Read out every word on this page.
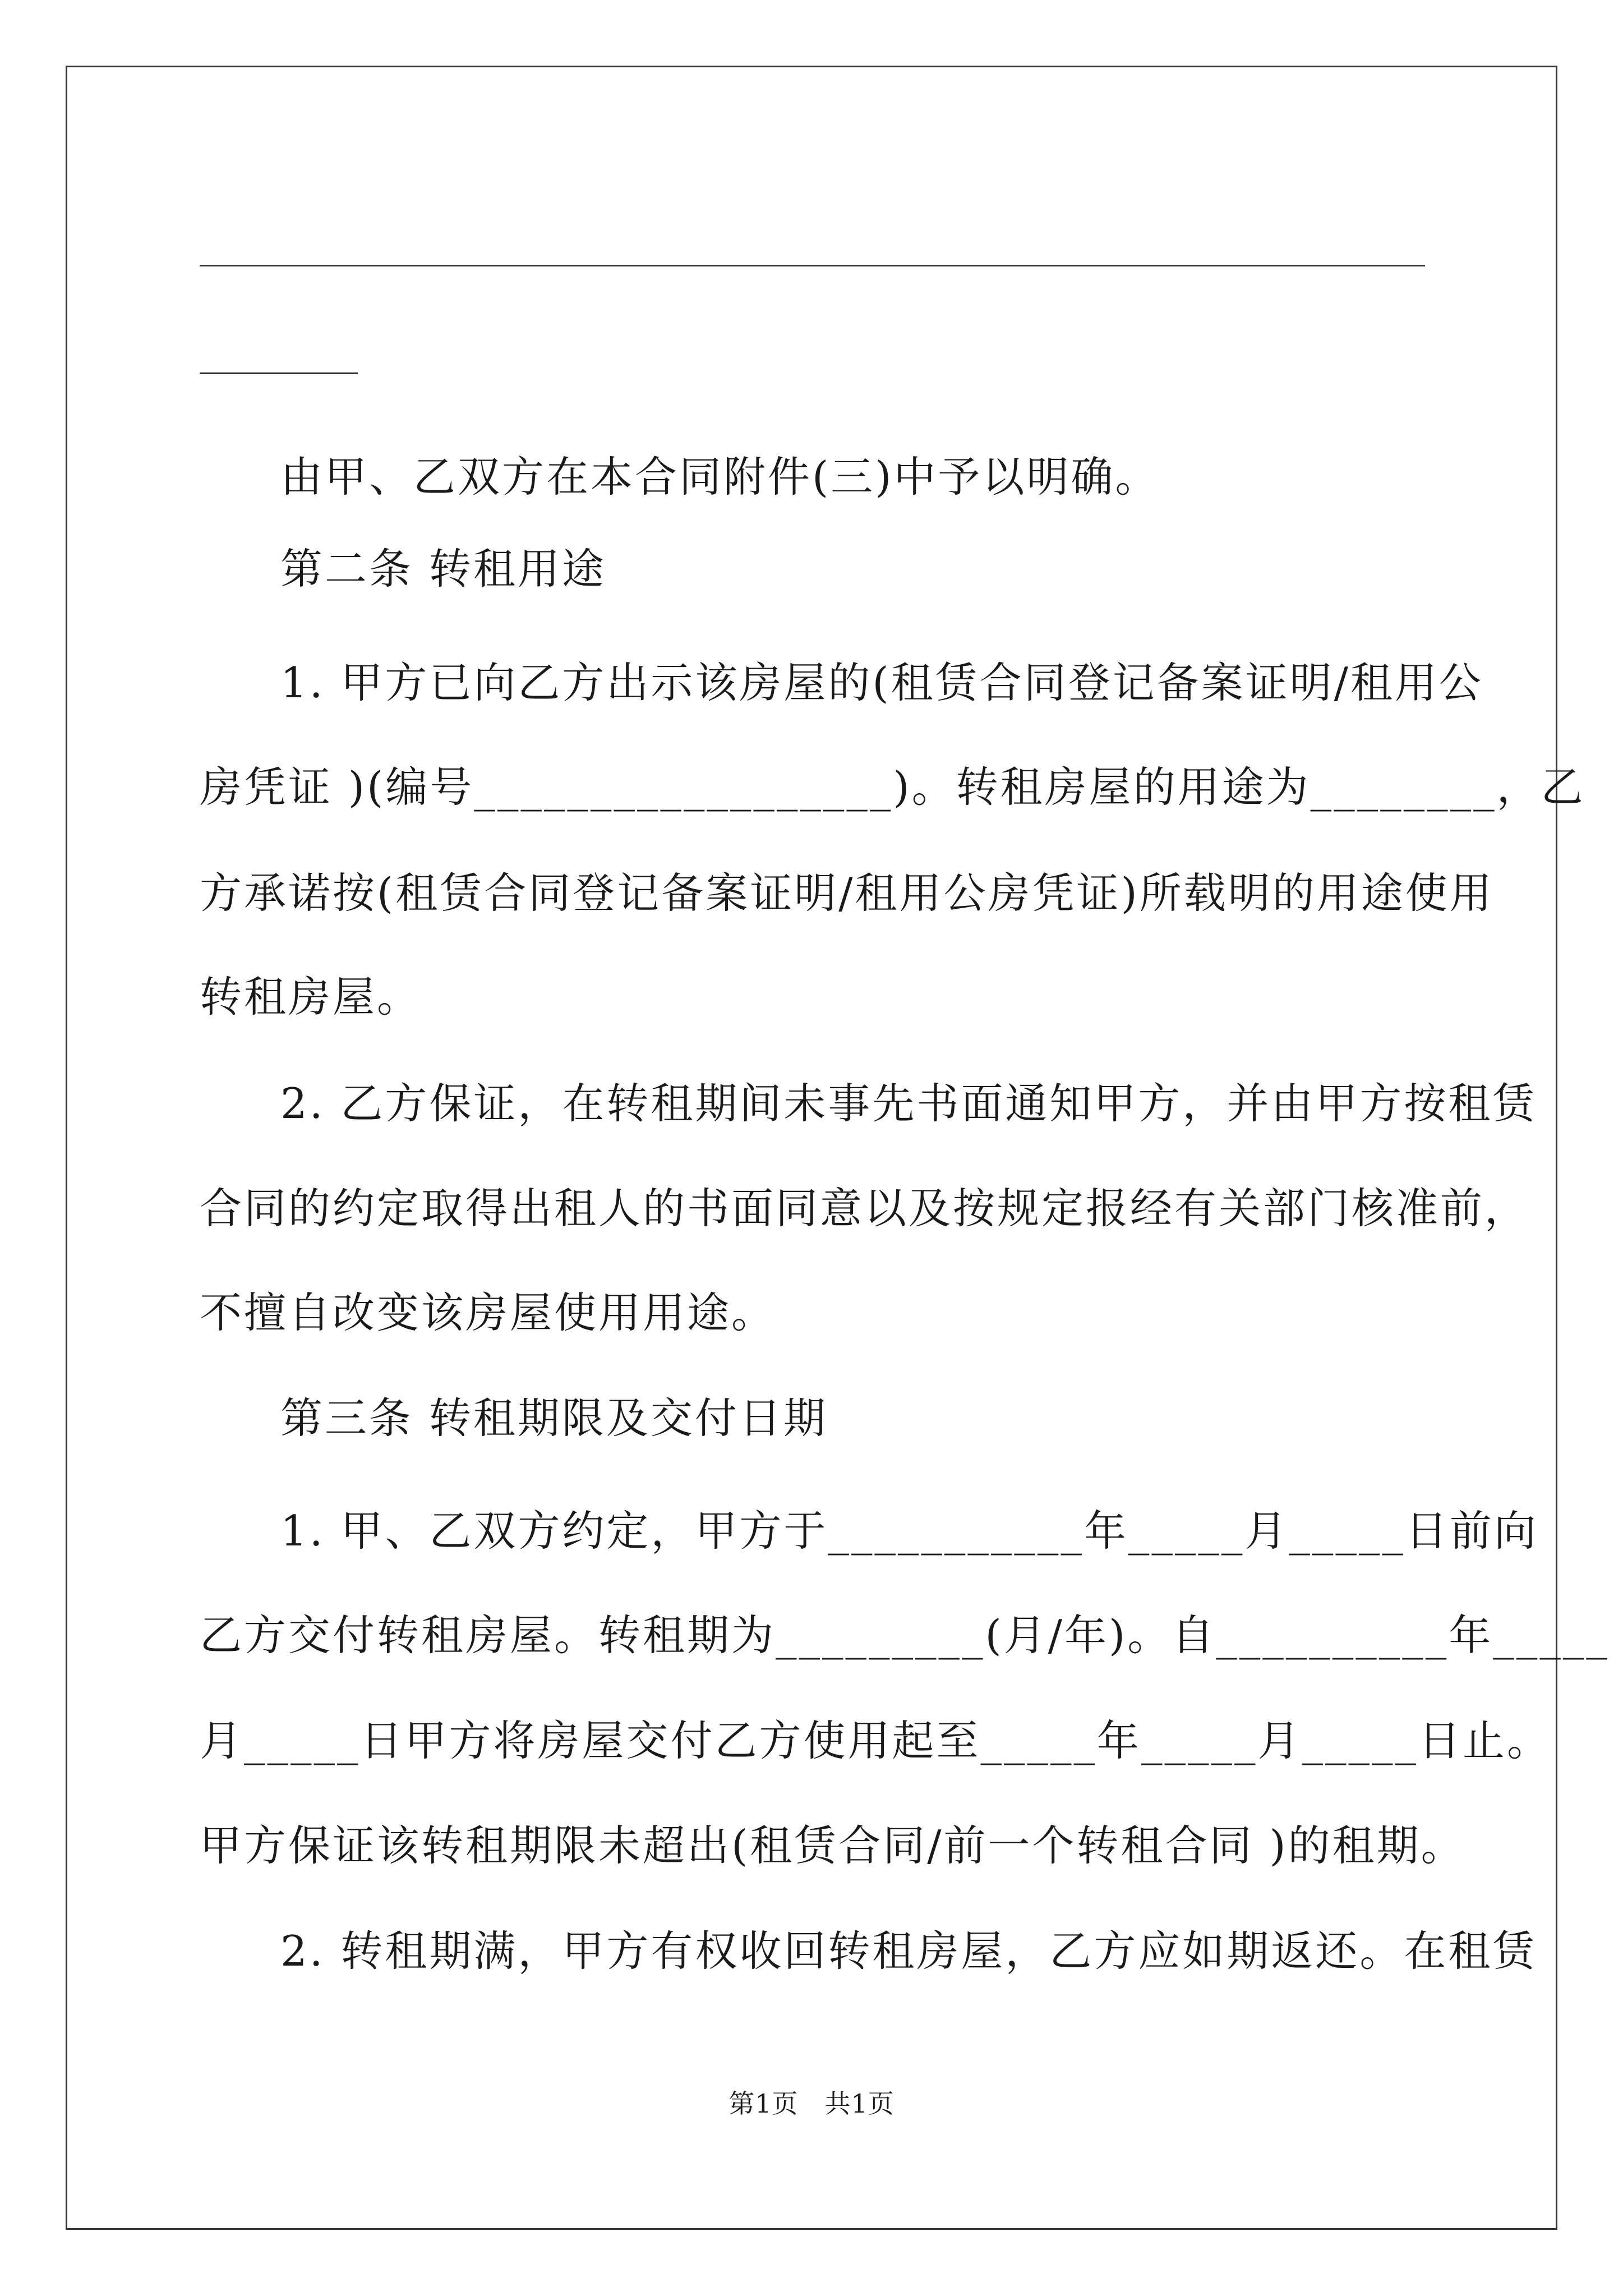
由甲、乙双方在本合同附件(三)中予以明确。
第二条 转租用途
1. 甲方已向乙方出示该房屋的(租赁合同登记备案证明/租用公
房凭证 )(编号__________________)。转租房屋的用途为________，乙
方承诺按(租赁合同登记备案证明/租用公房凭证)所载明的用途使用
转租房屋。
2. 乙方保证，在转租期间未事先书面通知甲方，并由甲方按租赁
合同的约定取得出租人的书面同意以及按规定报经有关部门核准前，
不擅自改变该房屋使用用途。
第三条 转租期限及交付日期
1. 甲、乙双方约定，甲方于___________年_____月_____日前向
乙方交付转租房屋。转租期为_________(月/年)。自__________年_____
月_____日甲方将房屋交付乙方使用起至_____年_____月_____日止。
甲方保证该转租期限未超出(租赁合同/前一个转租合同 )的租期。
2. 转租期满，甲方有权收回转租房屋，乙方应如期返还。在租赁
第1页　共1页
